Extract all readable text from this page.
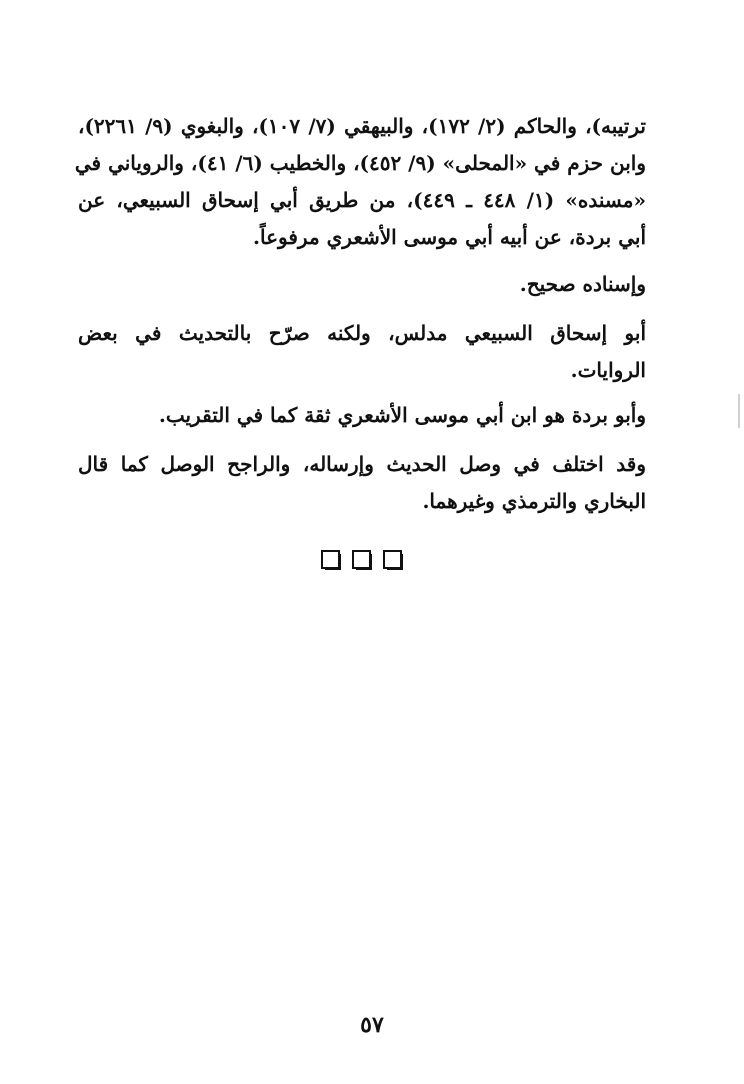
ترتيبه)، والحاكم (٢/ ١٧٢)، والبيهقي (٧/ ١٠٧)، والبغوي (٩/ ٢٢٦١)،
وابن حزم في «المحلى» (٩/ ٤٥٢)، والخطيب (٦/ ٤١)، والروياني في
«مسنده» (١/ ٤٤٨ ـ ٤٤٩)، من طريق أبي إسحاق السبيعي، عن
أبي بردة، عن أبيه أبي موسى الأشعري مرفوعاً.
وإسناده صحيح.
أبو إسحاق السبيعي مدلس، ولكنه صرّح بالتحديث في بعض
الروايات.
وأبو بردة هو ابن أبي موسى الأشعري ثقة كما في التقريب.
وقد اختلف في وصل الحديث وإرساله، والراجح الوصل كما قال
البخاري والترمذي وغيرهما.
٥٧
